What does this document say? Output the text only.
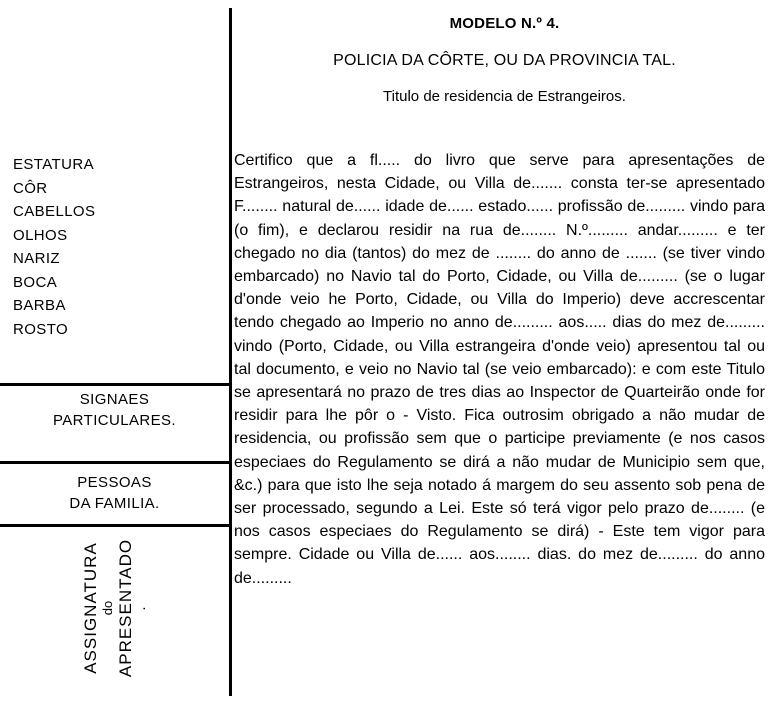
ESTATURA
CÔR
CABELLOS
OLHOS
NARIZ
BOCA
BARBA
ROSTO
SIGNAES
PARTICULARES.
PESSOAS
DA FAMILIA.
ASSIGNATURA do APRESENTADO
.
MODELO N.º 4.
POLICIA DA CÔRTE, OU DA PROVINCIA TAL.
Titulo de residencia de Estrangeiros.

Certifico que a fl..... do livro que serve para apresentações de Estrangeiros, nesta Cidade, ou Villa de....... consta ter-se apresentado F........ natural de...... idade de...... estado...... profissão de......... vindo para (o fim), e declarou residir na rua de........ N.º......... andar......... e ter chegado no dia (tantos) do mez de ........ do anno de ....... (se tiver vindo embarcado) no Navio tal do Porto, Cidade, ou Villa de......... (se o lugar d'onde veio he Porto, Cidade, ou Villa do Imperio) deve accrescentar tendo chegado ao Imperio no anno de......... aos..... dias do mez de......... vindo (Porto, Cidade, ou Villa estrangeira d'onde veio) apresentou tal ou tal documento, e veio no Navio tal (se veio embarcado): e com este Titulo se apresentará no prazo de tres dias ao Inspector de Quarteirão onde for residir para lhe pôr o - Visto. Fica outrosim obrigado a não mudar de residencia, ou profissão sem que o participe previamente (e nos casos especiaes do Regulamento se dirá a não mudar de Municipio sem que, &c.) para que isto lhe seja notado á margem do seu assento sob pena de ser processado, segundo a Lei. Este só terá vigor pelo prazo de........ (e nos casos especiaes do Regulamento se dirá) - Este tem vigor para sempre. Cidade ou Villa de...... aos........ dias. do mez de......... do anno de.........
